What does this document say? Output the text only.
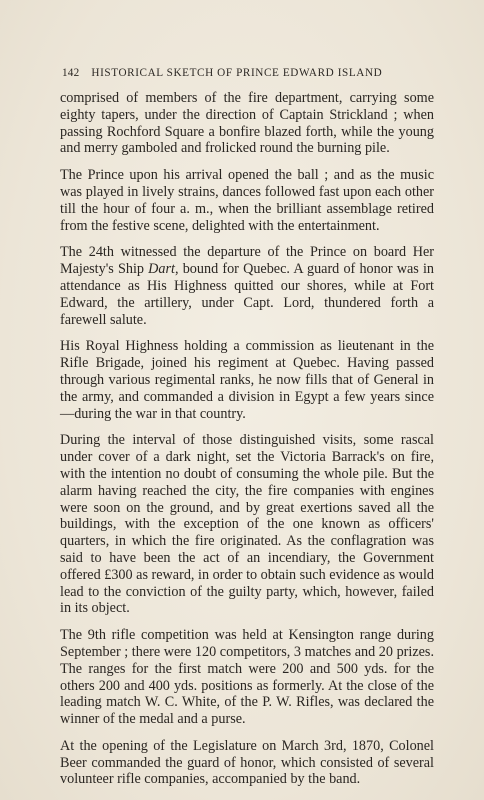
142 HISTORICAL SKETCH OF PRINCE EDWARD ISLAND

comprised of members of the fire department, carrying some eighty tapers, under the direction of Captain Strickland ; when passing Rochford Square a bonfire blazed forth, while the young and merry gamboled and frolicked round the burning pile.

The Prince upon his arrival opened the ball ; and as the music was played in lively strains, dances followed fast upon each other till the hour of four a. m., when the brilliant assemblage retired from the festive scene, delighted with the entertainment.

The 24th witnessed the departure of the Prince on board Her Majesty's Ship Dart, bound for Quebec. A guard of honor was in attendance as His Highness quitted our shores, while at Fort Edward, the artillery, under Capt. Lord, thundered forth a farewell salute.

His Royal Highness holding a commission as lieutenant in the Rifle Brigade, joined his regiment at Quebec. Having passed through various regimental ranks, he now fills that of General in the army, and commanded a division in Egypt a few years since—during the war in that country.

During the interval of those distinguished visits, some rascal under cover of a dark night, set the Victoria Barrack's on fire, with the intention no doubt of consuming the whole pile. But the alarm having reached the city, the fire companies with engines were soon on the ground, and by great exertions saved all the buildings, with the exception of the one known as officers' quarters, in which the fire originated. As the conflagration was said to have been the act of an incendiary, the Government offered £300 as reward, in order to obtain such evidence as would lead to the conviction of the guilty party, which, however, failed in its object.

The 9th rifle competition was held at Kensington range during September ; there were 120 competitors, 3 matches and 20 prizes. The ranges for the first match were 200 and 500 yds. for the others 200 and 400 yds. positions as formerly. At the close of the leading match W. C. White, of the P. W. Rifles, was declared the winner of the medal and a purse.

At the opening of the Legislature on March 3rd, 1870, Colonel Beer commanded the guard of honor, which consisted of several volunteer rifle companies, accompanied by the band.
